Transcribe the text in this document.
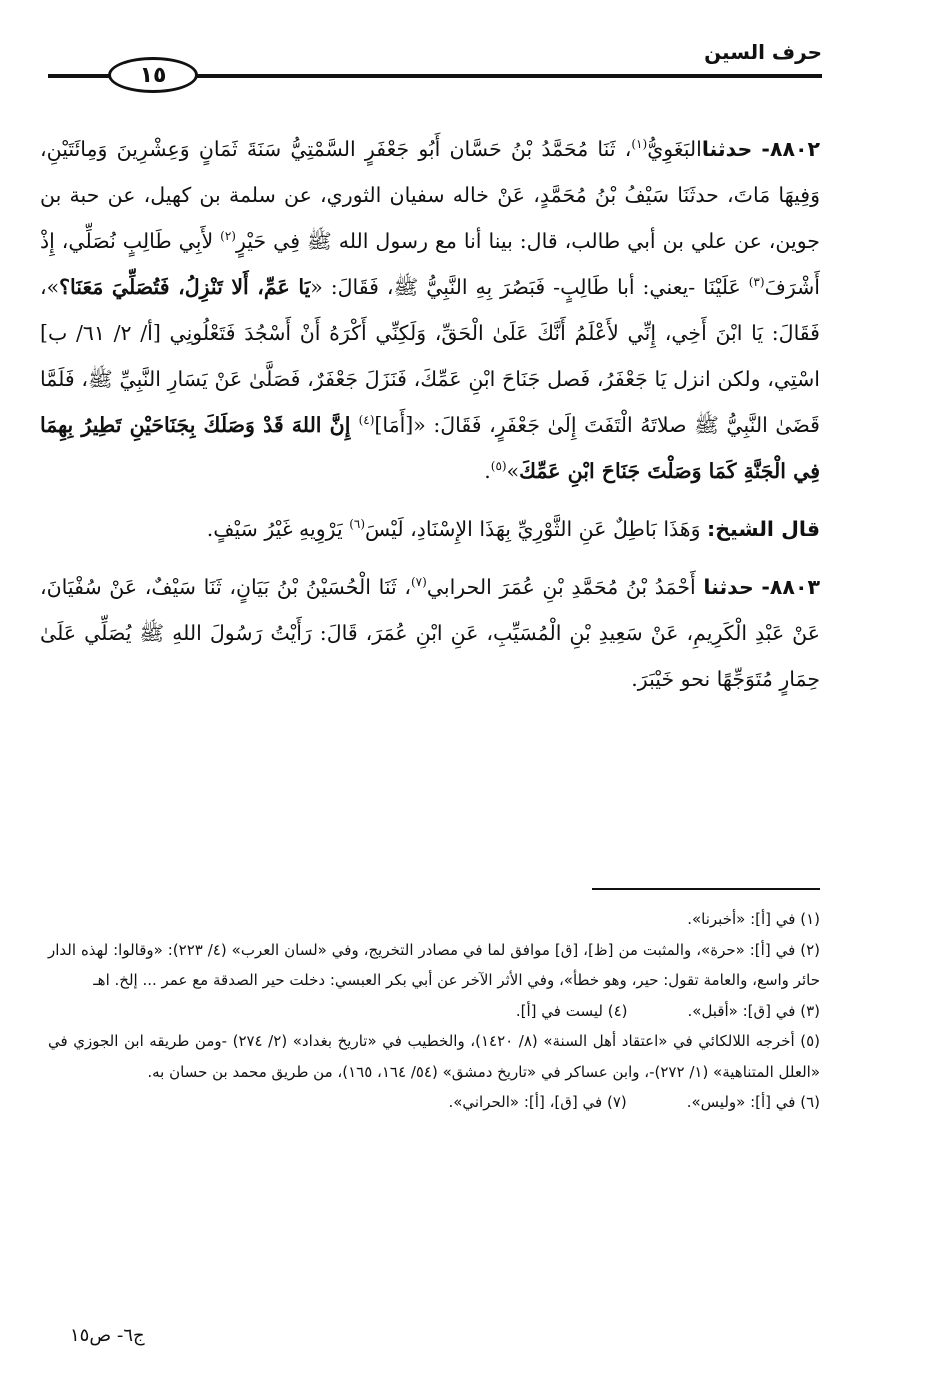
حرف السين
١٥

٨٨٠٢- حدثناالبَغَوِيُّ$^{(١)}$، ثَنَا مُحَمَّدُ بْنُ حَسَّان أَبُو جَعْفَرٍ السَّمْتِيُّ سَنَةَ ثَمَانٍ وَعِشْرِينَ وَمِائَتَيْنِ، وَفِيهَا مَاتَ، حدثَنَا سَيْفُ بْنُ مُحَمَّدٍ، عَنْ خاله سفيان الثوري، عن سلمة بن كهيل، عن حبة بن جوين، عن علي بن أبي طالب، قال: بينا أنا مع رسول الله ﷺ فِي حَيْرٍ$^{(٢)}$ لأَبِي طَالِبٍ نُصَلِّي، إِذْ أَشْرَفَ$^{(٣)}$ عَلَيْنَا -يعني: أبا طَالِبٍ- فَبَصُرَ بِهِ النَّبِيُّ ﷺ، فَقَالَ: «يَا عَمِّ، أَلا تَنْزِلُ، فَتُصَلِّيَ مَعَنَا؟»، فَقَالَ: يَا ابْنَ أَخِي، إِنِّي لأَعْلَمُ أَنَّكَ عَلَىٰ الْحَقِّ، وَلَكِنِّي أَكْرَهُ أَنْ أَسْجُدَ فَتَعْلُونِي [أ/ ٢/ ٦١/ ب] اسْتِي، ولكن انزل يَا جَعْفَرُ، فَصل جَنَاحَ ابْنِ عَمِّكَ، فَنَزَلَ جَعْفَرٌ، فَصَلَّىٰ عَنْ يَسَارِ النَّبِيِّ ﷺ، فَلَمَّا قَضَىٰ النَّبِيُّ ﷺ صلاتَهُ الْتَفَتَ إِلَىٰ جَعْفَرٍ، فَقَالَ: «[أَمَا]$^{(٤)}$ إِنَّ اللهَ قَدْ وَصَلَكَ بِجَنَاحَيْنِ تَطِيرُ بِهِمَا فِي الْجَنَّةِ كَمَا وَصَلْتَ جَنَاحَ ابْنِ عَمِّكَ»$^{(٥)}$.

قال الشيخ: وَهَذَا بَاطِلٌ عَنِ الثَّوْرِيِّ بِهَذَا الإِسْنَادِ، لَيْسَ$^{(٦)}$ يَرْوِيهِ غَيْرُ سَيْفٍ.

٨٨٠٣- حدثنا أَحْمَدُ بْنُ مُحَمَّدِ بْنِ عُمَرَ الحرابي$^{(٧)}$، ثَنَا الْحُسَيْنُ بْنُ بَيَانٍ، ثَنَا سَيْفٌ، عَنْ سُفْيَانَ، عَنْ عَبْدِ الْكَرِيمِ، عَنْ سَعِيدِ بْنِ الْمُسَيِّبِ، عَنِ ابْنِ عُمَرَ، قَالَ: رَأَيْتُ رَسُولَ اللهِ ﷺ يُصَلِّي عَلَىٰ حِمَارٍ مُتَوَجِّهًا نحو خَيْبَرَ.

(١) في [أ]: «أخبرنا».

(٢) في [أ]: «حرة»، والمثبت من [ظ]، [ق] موافق لما في مصادر التخريج، وفي «لسان العرب» (٤/ ٢٢٣): «وقالوا: لهذه الدار حائر واسع، والعامة تقول: حير، وهو خطأ»، وفي الأثر الآخر عن أبي بكر العبسي: دخلت حير الصدقة مع عمر ... إلخ. اهـ

(٣) في [ق]: «أقبل».(٤) ليست في [أ].

(٥) أخرجه اللالكائي في «اعتقاد أهل السنة» (٨/ ١٤٢٠)، والخطيب في «تاريخ بغداد» (٢/ ٢٧٤) -ومن طريقه ابن الجوزي في «العلل المتناهية» (١/ ٢٧٢)-، وابن عساكر في «تاريخ دمشق» (٥٤/ ١٦٤، ١٦٥)، من طريق محمد بن حسان به.

(٦) في [أ]: «وليس».(٧) في [ق]، [أ]: «الحراني».

ج٦- ص١٥
